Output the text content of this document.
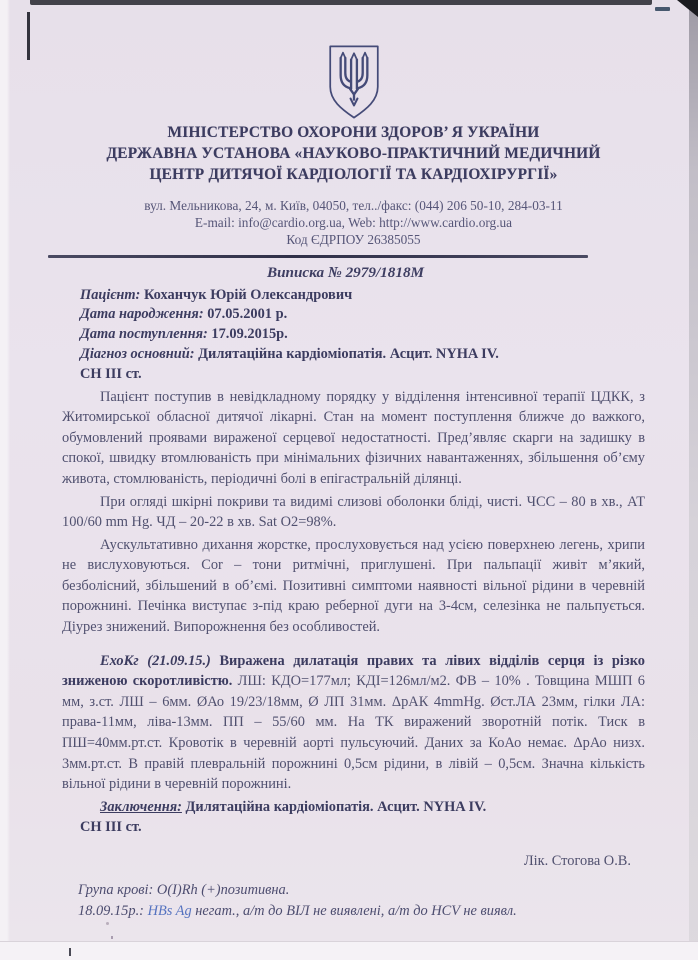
МІНІСТЕРСТВО ОХОРОНИ ЗДОРОВ’ Я УКРАЇНИ
ДЕРЖАВНА УСТАНОВА «НАУКОВО-ПРАКТИЧНИЙ МЕДИЧНИЙ
ЦЕНТР ДИТЯЧОЇ КАРДІОЛОГІЇ ТА КАРДІОХІРУРГІЇ»
вул. Мельникова, 24, м. Київ, 04050, тел../факс: (044) 206 50-10, 284-03-11
E-mail: info@cardio.org.ua, Web: http://www.cardio.org.ua
Код ЄДРПОУ 26385055
Виписка № 2979/1818М
Пацієнт: Коханчук Юрій Олександрович
Дата народження: 07.05.2001 р.
Дата поступлення: 17.09.2015р.
Діагноз основний: Дилятаційна кардіоміопатія. Асцит. NYHA IV.
СН III ст.

Пацієнт поступив в невідкладному порядку у відділення інтенсивної терапії ЦДКК, з Житомирської обласної дитячої лікарні. Стан на момент поступлення ближче до важкого, обумовлений проявами вираженої серцевої недостатності. Пред’являє скарги на задишку в спокої, швидку втомлюваність при мінімальних фізичних навантаженнях, збільшення об’єму живота, стомлюваність, періодичні болі в епігастральній ділянці.

При огляді шкірні покриви та видимі слизові оболонки бліді, чисті. ЧСС – 80 в хв., АТ 100/60 mm Hg. ЧД – 20-22 в хв. Sat O2=98%.

Аускультативно дихання жорстке, прослуховується над усією поверхнею легень, хрипи не вислуховуються. Cor – тони ритмічні, приглушені. При пальпації живіт м’який, безболісний, збільшений в об’ємі. Позитивні симптоми наявності вільної рідини в черевній порожнині. Печінка виступає з-під краю реберної дуги на 3-4см, селезінка не пальпується. Діурез знижений. Випорожнення без особливостей.

ЕхоКг (21.09.15.) Виражена дилатація правих та лівих відділів серця із різко зниженою скоротливістю. ЛШ: КДО=177мл; КДІ=126мл/м2. ФВ – 10% . Товщина МШП 6 мм, з.ст. ЛШ – 6мм. ØАо 19/23/18мм, Ø ЛП 31мм. ΔрАК 4mmHg. Øст.ЛА 23мм, гілки ЛА: права-11мм, ліва-13мм. ПП – 55/60 мм. На ТК виражений зворотній потік. Тиск в ПШ=40мм.рт.ст. Кровотік в черевній аорті пульсуючий. Даних за КоАо немає. ΔрАо низх. 3мм.рт.ст. В правій плевральній порожнині 0,5см рідини, в лівій – 0,5см. Значна кількість вільної рідини в черевній порожнині.

Заключення: Дилятаційна кардіоміопатія. Асцит. NYHA IV.
СН III ст.
Лік. Стогова О.В.
Група крові: O(I)Rh (+)позитивна.
18.09.15р.: HBs Ag негат., а/т до ВІЛ не виявлені, а/т до HCV не виявл.
